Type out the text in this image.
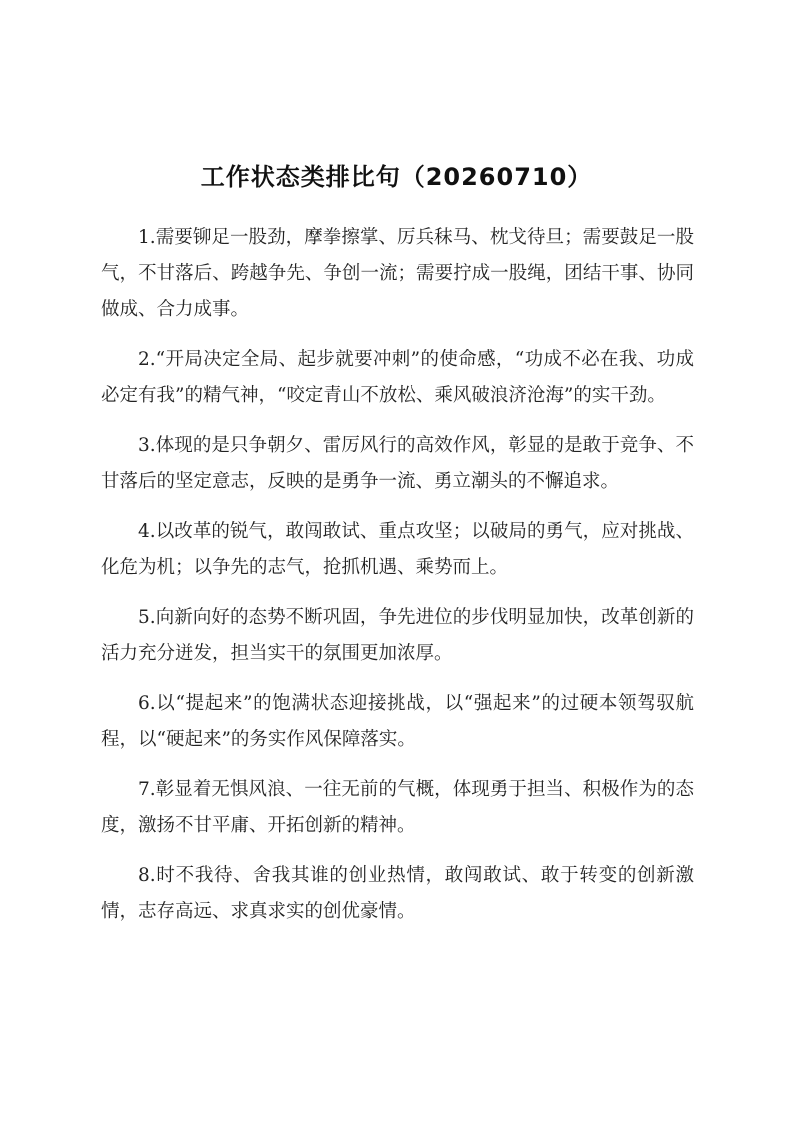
工作状态类排比句（20260710）

1.需要铆足一股劲，摩拳擦掌、厉兵秣马、枕戈待旦；需要鼓足一股气，不甘落后、跨越争先、争创一流；需要拧成一股绳，团结干事、协同做成、合力成事。

2.“开局决定全局、起步就要冲刺”的使命感，“功成不必在我、功成必定有我”的精气神，“咬定青山不放松、乘风破浪济沧海”的实干劲。

3.体现的是只争朝夕、雷厉风行的高效作风，彰显的是敢于竞争、不甘落后的坚定意志，反映的是勇争一流、勇立潮头的不懈追求。

4.以改革的锐气，敢闯敢试、重点攻坚；以破局的勇气，应对挑战、化危为机；以争先的志气，抢抓机遇、乘势而上。

5.向新向好的态势不断巩固，争先进位的步伐明显加快，改革创新的活力充分迸发，担当实干的氛围更加浓厚。

6.以“提起来”的饱满状态迎接挑战，以“强起来”的过硬本领驾驭航程，以“硬起来”的务实作风保障落实。

7.彰显着无惧风浪、一往无前的气概，体现勇于担当、积极作为的态度，激扬不甘平庸、开拓创新的精神。

8.时不我待、舍我其谁的创业热情，敢闯敢试、敢于转变的创新激情，志存高远、求真求实的创优豪情。
